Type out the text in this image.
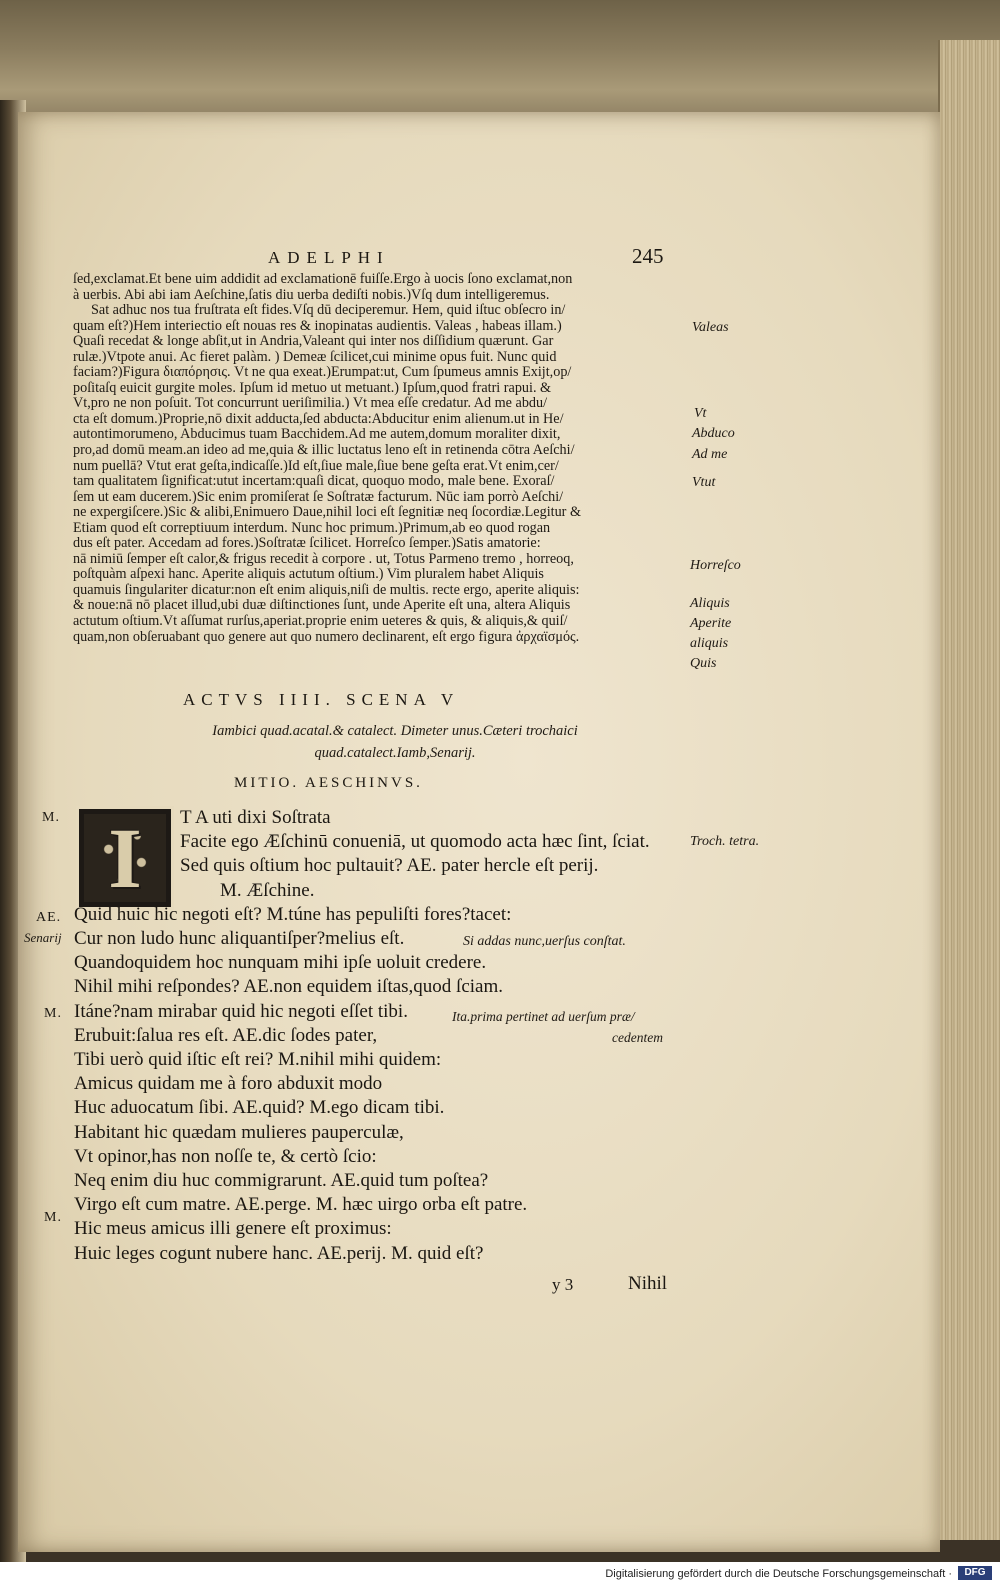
ADELPHI	245
ſed,exclamat.Et bene uim addidit ad exclamationē fuiſſe.Ergo à uocis ſono exclamat,non
à uerbis. Abi abi iam Aeſchine,ſatis diu uerba dediſti nobis.)Vſq dum intelligeremus.
Sat adhuc nos tua fruſtrata eſt fides.Vſq dū deciperemur. Hem, quid iſtuc obſecro in/
quam eſt?)Hem interiectio eſt nouas res & inopinatas audientis. Valeas , habeas illam.)
Quaſi recedat & longe abſit,ut in Andria,Valeant qui inter nos diſſidium quærunt. Gar
rulæ.)Vtpote anui. Ac fieret palàm. ) Demeæ ſcilicet,cui minime opus fuit. Nunc quid
faciam?)Figura διαπόρησις. Vt ne qua exeat.)Erumpat:ut, Cum ſpumeus amnis Exijt,op/
poſitaſq euicit gurgite moles. Ipſum id metuo ut metuant.) Ipſum,quod fratri rapui. &
Vt,pro ne non poſuit. Tot concurrunt ueriſimilia.) Vt mea eſſe credatur. Ad me abdu/
cta eſt domum.)Proprie,nō dixit adducta,ſed abducta:Abducitur enim alienum.ut in He/
autontimorumeno, Abducimus tuam Bacchidem.Ad me autem,domum moraliter dixit,
pro,ad domū meam.an ideo ad me,quia & illic luctatus leno eſt in retinenda cōtra Aeſchi/
num puellā? Vtut erat geſta,indicaſſe.)Id eſt,ſiue male,ſiue bene geſta erat.Vt enim,cer/
tam qualitatem ſignificat:utut incertam:quaſi dicat, quoquo modo, male bene. Exoraſ/
ſem ut eam ducerem.)Sic enim promiſerat ſe Soſtratæ facturum. Nūc iam porrò Aeſchi/
ne expergiſcere.)Sic & alibi,Enimuero Daue,nihil loci eſt ſegnitiæ neq ſocordiæ.Legitur &
Etiam quod eſt correptiuum interdum. Nunc hoc primum.)Primum,ab eo quod rogan
dus eſt pater. Accedam ad fores.)Soſtratæ ſcilicet. Horreſco ſemper.)Satis amatorie:
nā nimiū ſemper eſt calor,& frigus recedit à corpore . ut, Totus Parmeno tremo , horreoq,
poſtquàm aſpexi hanc. Aperite aliquis actutum oſtium.) Vim pluralem habet Aliquis
quamuis ſingulariter dicatur:non eſt enim aliquis,niſi de multis. recte ergo, aperite aliquis:
& noue:nā nō placet illud,ubi duæ diſtinctiones ſunt, unde Aperite eſt una, altera Aliquis
actutum oſtium.Vt aſſumat rurſus,aperiat.proprie enim ueteres & quis, & aliquis,& quiſ/
quam,non obſeruabant quo genere aut quo numero declinarent, eſt ergo figura ἀρχαϊσμός.
Valeas
Vt
Abduco
Ad me
Vtut
Horreſco
Aliquis
Aperite
aliquis
Quis
ACTVS IIII. SCENA V
Iambici quad.acatal.& catalect. Dimeter unus.Cæteri trochaici
quad.catalect.Iamb,Senarij.
MITIO. AESCHINVS.
I	T A uti dixi Soſtrata
Facite ego Æſchinū conueniā, ut quomodo acta hæc ſint, ſciat.
Sed quis oſtium hoc pultauit? AE. pater hercle eſt perij.
M. Æſchine.
Quid huic hic negoti eſt? M.túne has pepuliſti fores?tacet:
Cur non ludo hunc aliquantiſper?melius eſt.
Quandoquidem hoc nunquam mihi ipſe uoluit credere.
Nihil mihi reſpondes? AE.non equidem iſtas,quod ſciam.
Itáne?nam mirabar quid hic negoti eſſet tibi.
Erubuit:ſalua res eſt. AE.dic ſodes pater,
Tibi uerò quid iſtic eſt rei? M.nihil mihi quidem:
Amicus quidam me à foro abduxit modo
Huc aduocatum ſibi. AE.quid? M.ego dicam tibi.
Habitant hic quædam mulieres pauperculæ,
Vt opinor,has non noſſe te, & certò ſcio:
Neq enim diu huc commigrarunt. AE.quid tum poſtea?
Virgo eſt cum matre. AE.perge. M. hæc uirgo orba eſt patre.
Hic meus amicus illi genere eſt proximus:
Huic leges cogunt nubere hanc. AE.perij. M. quid eſt?
M.
AE.
Senarij
M.
M.
Troch. tetra.
Si addas nunc,uerſus conſtat.
Ita.prima pertinet ad uerſum præ/
cedentem
y 3	Nihil
Digitalisierung gefördert durch die Deutsche Forschungsgemeinschaft ·	DFG
